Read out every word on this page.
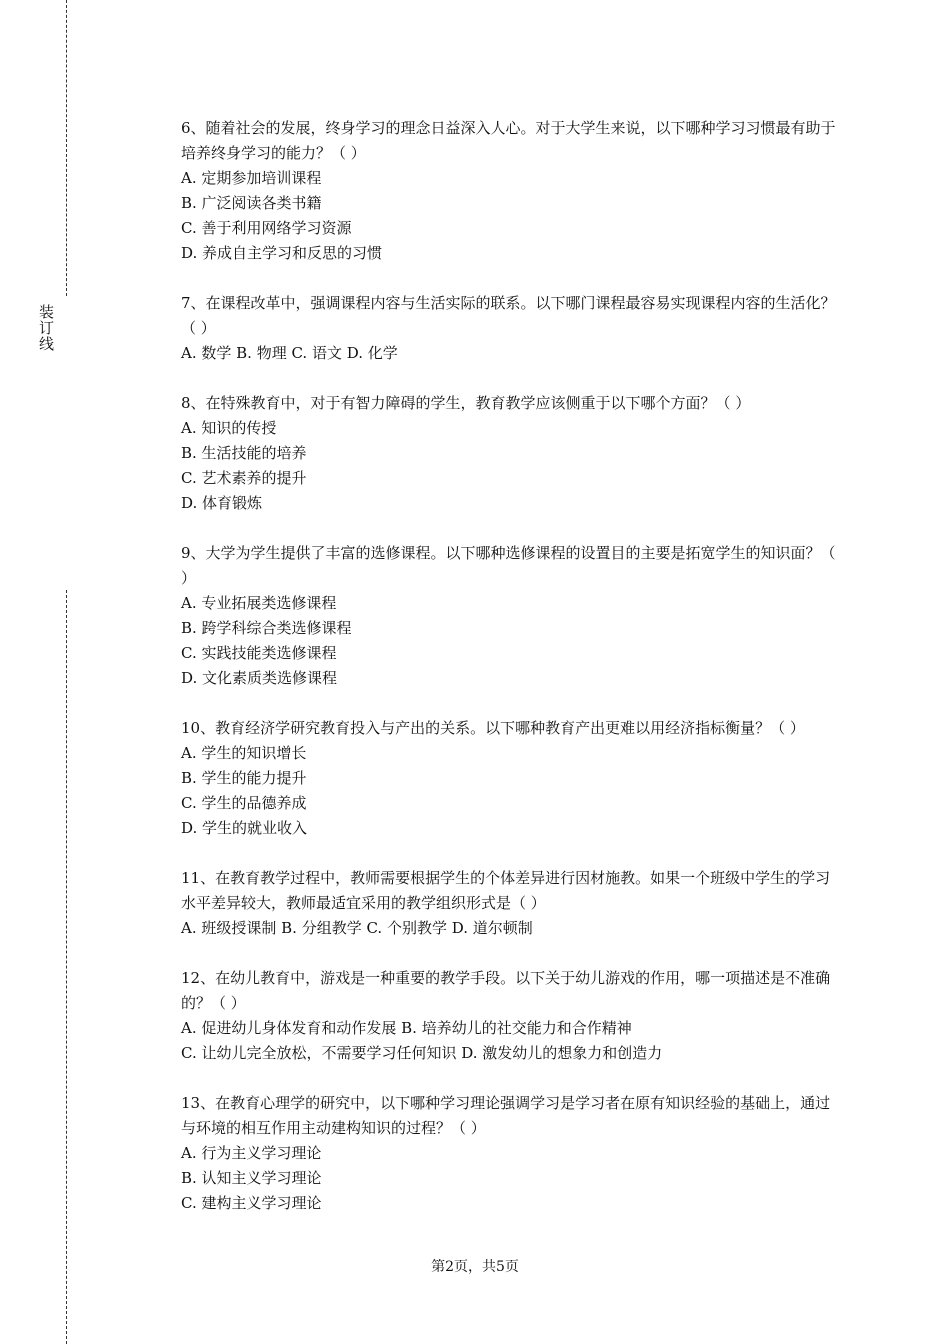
装订线

6、随着社会的发展，终身学习的理念日益深入人心。对于大学生来说，以下哪种学习习惯最有助于培养终身学习的能力？（ ）

A. 定期参加培训课程

B. 广泛阅读各类书籍

C. 善于利用网络学习资源

D. 养成自主学习和反思的习惯

7、在课程改革中，强调课程内容与生活实际的联系。以下哪门课程最容易实现课程内容的生活化？（ ）

A. 数学 B. 物理 C. 语文 D. 化学

8、在特殊教育中，对于有智力障碍的学生，教育教学应该侧重于以下哪个方面？（ ）

A. 知识的传授

B. 生活技能的培养

C. 艺术素养的提升

D. 体育锻炼

9、大学为学生提供了丰富的选修课程。以下哪种选修课程的设置目的主要是拓宽学生的知识面？（ ）

A. 专业拓展类选修课程

B. 跨学科综合类选修课程

C. 实践技能类选修课程

D. 文化素质类选修课程

10、教育经济学研究教育投入与产出的关系。以下哪种教育产出更难以用经济指标衡量？（ ）

A. 学生的知识增长

B. 学生的能力提升

C. 学生的品德养成

D. 学生的就业收入

11、在教育教学过程中，教师需要根据学生的个体差异进行因材施教。如果一个班级中学生的学习水平差异较大，教师最适宜采用的教学组织形式是（ ）

A. 班级授课制 B. 分组教学 C. 个别教学 D. 道尔顿制

12、在幼儿教育中，游戏是一种重要的教学手段。以下关于幼儿游戏的作用，哪一项描述是不准确的？（ ）

A. 促进幼儿身体发育和动作发展 B. 培养幼儿的社交能力和合作精神

C. 让幼儿完全放松，不需要学习任何知识 D. 激发幼儿的想象力和创造力

13、在教育心理学的研究中，以下哪种学习理论强调学习是学习者在原有知识经验的基础上，通过与环境的相互作用主动建构知识的过程？（ ）

A. 行为主义学习理论

B. 认知主义学习理论

C. 建构主义学习理论

第2页，共5页
